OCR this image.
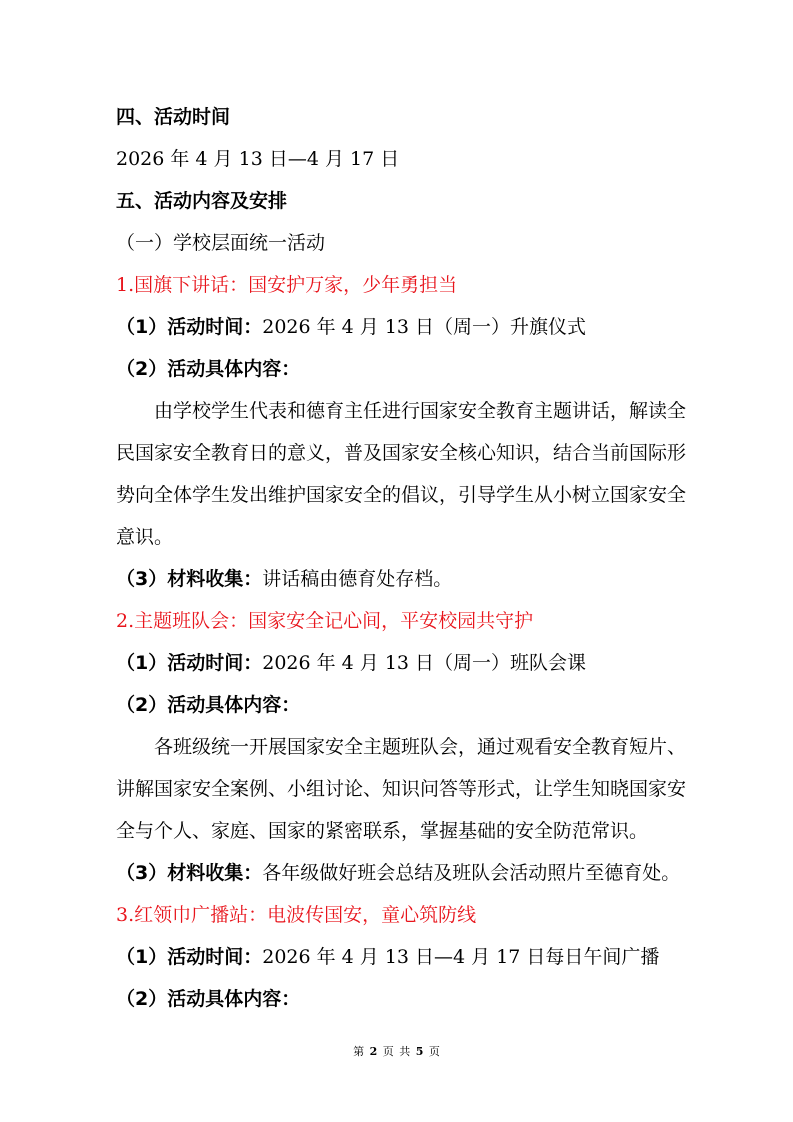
四、活动时间
2026 年 4 月 13 日—4 月 17 日
五、活动内容及安排
（一）学校层面统一活动
1.国旗下讲话：国安护万家，少年勇担当
（1）活动时间：2026 年 4 月 13 日（周一）升旗仪式
（2）活动具体内容：
由学校学生代表和德育主任进行国家安全教育主题讲话，解读全
民国家安全教育日的意义，普及国家安全核心知识，结合当前国际形
势向全体学生发出维护国家安全的倡议，引导学生从小树立国家安全
意识。
（3）材料收集：讲话稿由德育处存档。
2.主题班队会：国家安全记心间，平安校园共守护
（1）活动时间：2026 年 4 月 13 日（周一）班队会课
（2）活动具体内容：
各班级统一开展国家安全主题班队会，通过观看安全教育短片、
讲解国家安全案例、小组讨论、知识问答等形式，让学生知晓国家安
全与个人、家庭、国家的紧密联系，掌握基础的安全防范常识。
（3）材料收集：各年级做好班会总结及班队会活动照片至德育处。
3.红领巾广播站：电波传国安，童心筑防线
（1）活动时间：2026 年 4 月 13 日—4 月 17 日每日午间广播
（2）活动具体内容：
第 2 页 共 5 页
